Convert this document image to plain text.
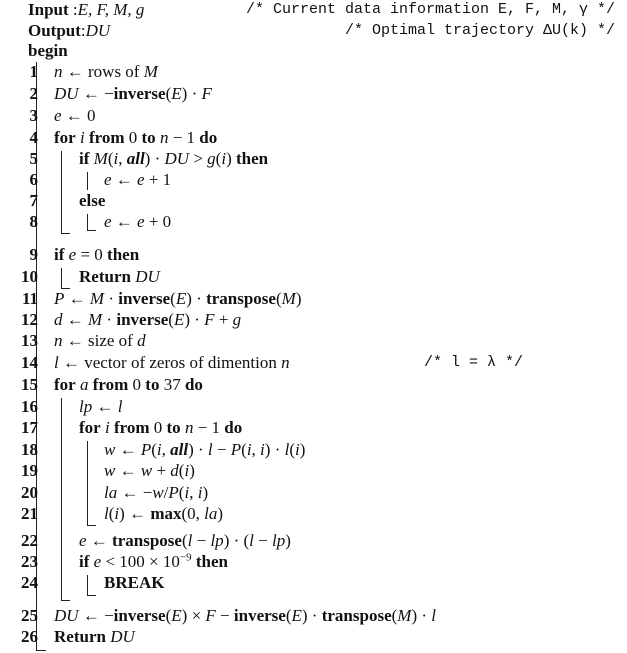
Input :E, F, M, g	/* Current data information E, F, M, γ */
Output:DU	/* Optimal trajectory ΔU(k) */
begin
1
2
3
4
5
6
7
8
9
10
11
12
13
14
15
16
17
18
19
20
21
22
23
24
25
26
n ← rows of M
DU ← −inverse(E) · F
e ← 0
for i from 0 to n − 1 do
if M(i, all) · DU > g(i) then
e ← e + 1
else
e ← e + 0
if e = 0 then
Return DU
P ← M · inverse(E) · transpose(M)
d ← M · inverse(E) · F + g
n ← size of d
l ← vector of zeros of dimention n	/* l = λ */
for a from 0 to 37 do
lp ← l
for i from 0 to n − 1 do
w ← P(i, all) · l − P(i, i) · l(i)
w ← w + d(i)
la ← −w/P(i, i)
l(i) ← max(0, la)
e ← transpose(l − lp) · (l − lp)
if $e < 100 \times 10^{-9}$ then
BREAK
DU ← −inverse(E) × F − inverse(E) · transpose(M) · l
Return DU
